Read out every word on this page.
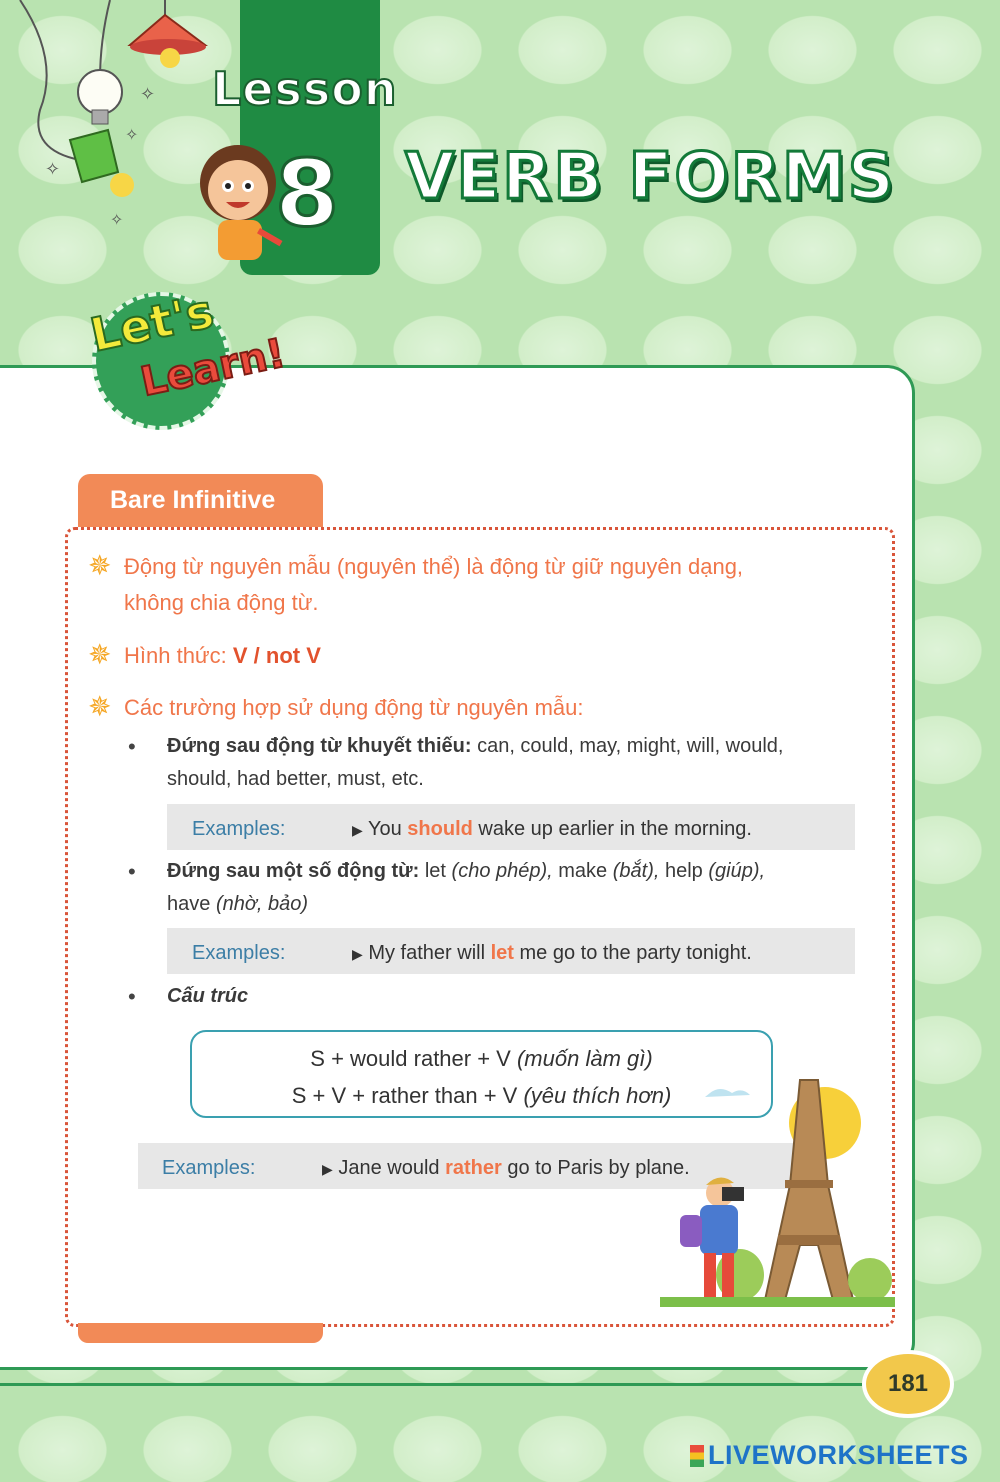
✧
✧
✧
✧
Lesson
8 VERB FORMS
Let's
Learn!
Bare Infinitive
✵ Động từ nguyên mẫu (nguyên thể) là động từ giữ nguyên dạng,
không chia động từ.
✵ Hình thức: V / not V
✵ Các trường hợp sử dụng động từ nguyên mẫu:
• Đứng sau động từ khuyết thiếu: can, could, may, might, will, would,
should, had better, must, etc.
Examples:	▶ You should wake up earlier in the morning.
• Đứng sau một số động từ: let (cho phép), make (bắt), help (giúp),
have (nhờ, bảo)
Examples:	▶ My father will let me go to the party tonight.
• Cấu trúc
S + would rather + V (muốn làm gì)
S + V + rather than + V (yêu thích hơn)
Examples:	▶ Jane would rather go to Paris by plane.
181
LIVEWORKSHEETS
